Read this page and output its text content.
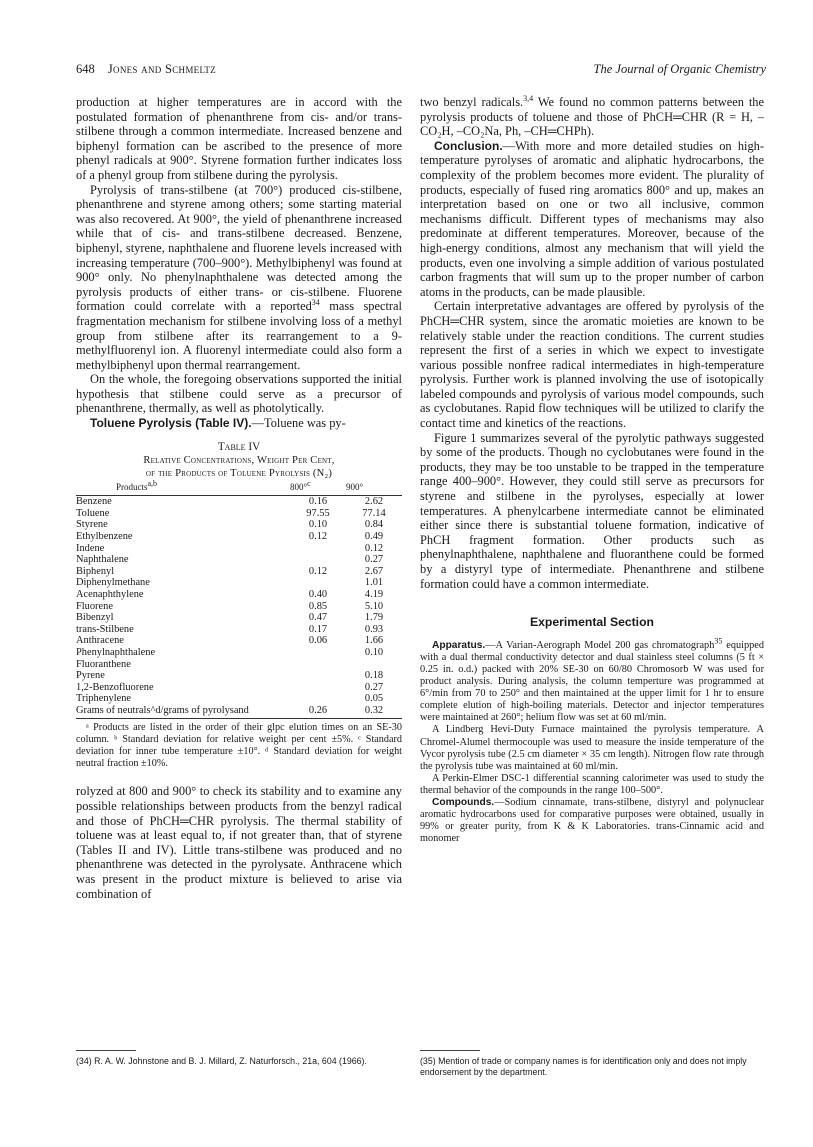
648 Jones and Schmeltz	The Journal of Organic Chemistry

production at higher temperatures are in accord with the postulated formation of phenanthrene from cis- and/or trans-stilbene through a common intermediate. Increased benzene and biphenyl formation can be ascribed to the presence of more phenyl radicals at 900°. Styrene formation further indicates loss of a phenyl group from stilbene during the pyrolysis.

Pyrolysis of trans-stilbene (at 700°) produced cis-stilbene, phenanthrene and styrene among others; some starting material was also recovered. At 900°, the yield of phenanthrene increased while that of cis- and trans-stilbene decreased. Benzene, biphenyl, styrene, naphthalene and fluorene levels increased with increasing temperature (700–900°). Methylbiphenyl was found at 900° only. No phenylnaphthalene was detected among the pyrolysis products of either trans- or cis-stilbene. Fluorene formation could correlate with a reported$^{34}$ mass spectral fragmentation mechanism for stilbene involving loss of a methyl group from stilbene after its rearrangement to a 9-methylfluorenyl ion. A fluorenyl intermediate could also form a methylbiphenyl upon thermal rearrangement.

On the whole, the foregoing observations supported the initial hypothesis that stilbene could serve as a precursor of phenanthrene, thermally, as well as photolytically.

Toluene Pyrolysis (Table IV).—Toluene was py-

Table IV
Relative Concentrations, Weight Per Cent,
of the Products of Toluene Pyrolysis (N₂)
Products$^{a,b}$	800°$^c$	900°
Benzene	0.16	2.62
Toluene	97.55	77.14
Styrene	0.10	0.84
Ethylbenzene	0.12	0.49
Indene		0.12
Naphthalene		0.27
Biphenyl	0.12	2.67
Diphenylmethane		1.01
Acenaphthylene	0.40	4.19
Fluorene	0.85	5.10
Bibenzyl	0.47	1.79
trans-Stilbene	0.17	0.93
Anthracene	0.06	1.66
Phenylnaphthalene		0.10
Fluoranthene		
Pyrene		0.18
1,2-Benzofluorene		0.27
Triphenylene		0.05
Grams of neutrals^d/grams of pyrolysand	0.26	0.32

ᵃ Products are listed in the order of their glpc elution times on an SE-30 column. ᵇ Standard deviation for relative weight per cent ±5%. ᶜ Standard deviation for inner tube temperature ±10°. ᵈ Standard deviation for weight neutral fraction ±10%.

rolyzed at 800 and 900° to check its stability and to examine any possible relationships between products from the benzyl radical and those of PhCH═CHR pyrolysis. The thermal stability of toluene was at least equal to, if not greater than, that of styrene (Tables II and IV). Little trans-stilbene was produced and no phenanthrene was detected in the pyrolysate. Anthracene which was present in the product mixture is believed to arise via combination of

two benzyl radicals.$^{3,4}$ We found no common patterns between the pyrolysis products of toluene and those of PhCH═CHR (R = H, –CO₂H, –CO₂Na, Ph, –CH═CHPh).

Conclusion.—With more and more detailed studies on high-temperature pyrolyses of aromatic and aliphatic hydrocarbons, the complexity of the problem becomes more evident. The plurality of products, especially of fused ring aromatics 800° and up, makes an interpretation based on one or two all inclusive, common mechanisms difficult. Different types of mechanisms may also predominate at different temperatures. Moreover, because of the high-energy conditions, almost any mechanism that will yield the products, even one involving a simple addition of various postulated carbon fragments that will sum up to the proper number of carbon atoms in the products, can be made plausible.

Certain interpretative advantages are offered by pyrolysis of the PhCH═CHR system, since the aromatic moieties are known to be relatively stable under the reaction conditions. The current studies represent the first of a series in which we expect to investigate various possible nonfree radical intermediates in high-temperature pyrolysis. Further work is planned involving the use of isotopically labeled compounds and pyrolysis of various model compounds, such as cyclobutanes. Rapid flow techniques will be utilized to clarify the contact time and kinetics of the reactions.

Figure 1 summarizes several of the pyrolytic pathways suggested by some of the products. Though no cyclobutanes were found in the products, they may be too unstable to be trapped in the temperature range 400–900°. However, they could still serve as precursors for styrene and stilbene in the pyrolyses, especially at lower temperatures. A phenylcarbene intermediate cannot be eliminated either since there is substantial toluene formation, indicative of PhCH fragment formation. Other products such as phenylnaphthalene, naphthalene and fluoranthene could be formed by a distyryl type of intermediate. Phenanthrene and stilbene formation could have a common intermediate.

Experimental Section

Apparatus.—A Varian-Aerograph Model 200 gas chromatograph$^{35}$ equipped with a dual thermal conductivity detector and dual stainless steel columns (5 ft × 0.25 in. o.d.) packed with 20% SE-30 on 60/80 Chromosorb W was used for product analysis. During analysis, the column temperture was programmed at 6°/min from 70 to 250° and then maintained at the upper limit for 1 hr to ensure complete elution of high-boiling materials. Detector and injector temperatures were maintained at 260°; helium flow was set at 60 ml/min.

A Lindberg Hevi-Duty Furnace maintained the pyrolysis temperature. A Chromel-Alumel thermocouple was used to measure the inside temperature of the Vycor pyrolysis tube (2.5 cm diameter × 35 cm length). Nitrogen flow rate through the pyrolysis tube was maintained at 60 ml/min.

A Perkin-Elmer DSC-1 differential scanning calorimeter was used to study the thermal behavior of the compounds in the range 100–500°.

Compounds.—Sodium cinnamate, trans-stilbene, distyryl and polynuclear aromatic hydrocarbons used for comparative purposes were obtained, usually in 99% or greater purity, from K & K Laboratories. trans-Cinnamic acid and monomer

(34) R. A. W. Johnstone and B. J. Millard, Z. Naturforsch., 21a, 604 (1966).	(35) Mention of trade or company names is for identification only and does not imply endorsement by the department.
